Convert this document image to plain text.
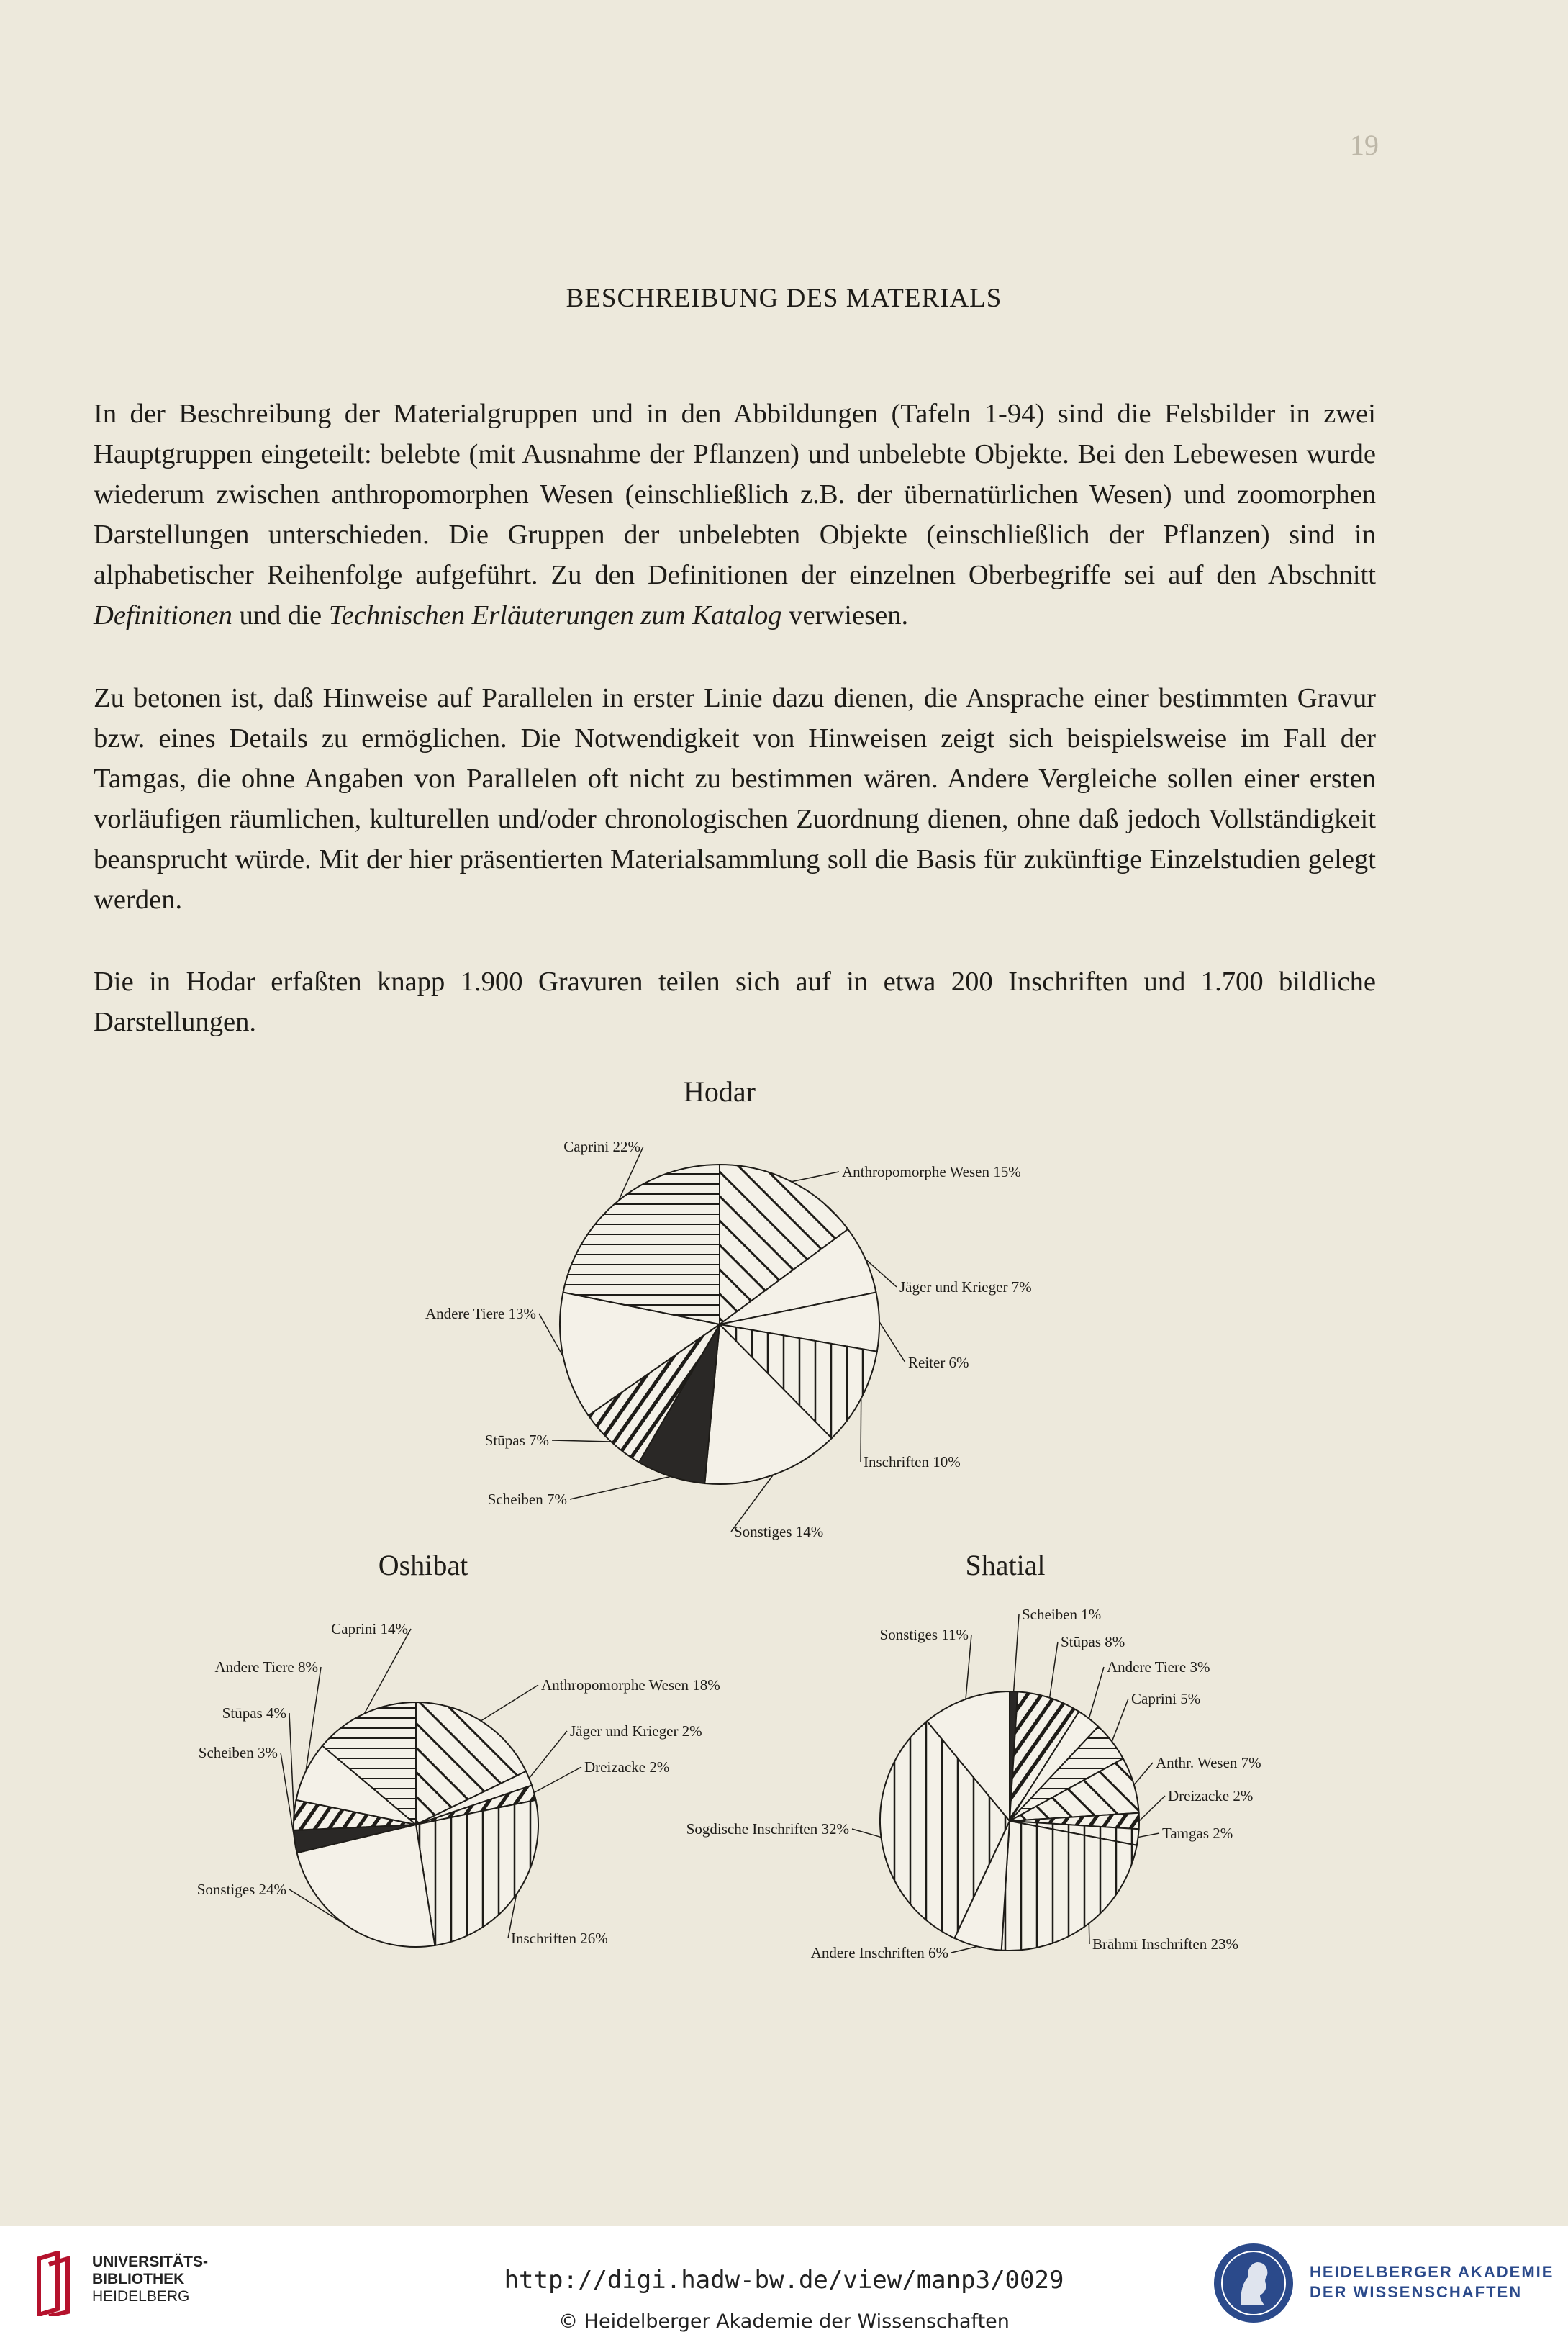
19
BESCHREIBUNG DES MATERIALS

In der Beschreibung der Materialgruppen und in den Abbildungen (Tafeln 1-94) sind die Felsbilder in zwei Hauptgruppen eingeteilt: belebte (mit Ausnahme der Pflanzen) und unbelebte Objekte. Bei den Lebewesen wurde wiederum zwischen anthropomorphen Wesen (einschließlich z.B. der übernatürlichen Wesen) und zoomorphen Darstellungen unterschieden. Die Gruppen der unbelebten Objekte (einschließlich der Pflanzen) sind in alphabetischer Reihenfolge aufgeführt. Zu den Definitionen der einzelnen Oberbegriffe sei auf den Abschnitt Definitionen und die Technischen Erläuterungen zum Katalog verwiesen.

Zu betonen ist, daß Hinweise auf Parallelen in erster Linie dazu dienen, die Ansprache einer bestimmten Gravur bzw. eines Details zu ermöglichen. Die Notwendigkeit von Hinweisen zeigt sich beispielsweise im Fall der Tamgas, die ohne Angaben von Parallelen oft nicht zu bestimmen wären. Andere Vergleiche sollen einer ersten vorläufigen räumlichen, kulturellen und/oder chronologischen Zuordnung dienen, ohne daß jedoch Vollständigkeit beansprucht würde. Mit der hier präsentierten Materialsammlung soll die Basis für zukünftige Einzelstudien gelegt werden.

Die in Hodar erfaßten knapp 1.900 Gravuren teilen sich auf in etwa 200 Inschriften und 1.700 bildliche Darstellungen.

Anthropomorphe Wesen 15%
Jäger und Krieger 7%
Reiter 6%
Inschriften 10%
Sonstiges 14%
Scheiben 7%
Stūpas 7%
Andere Tiere 13%
Caprini 22%
Hodar
Anthropomorphe Wesen 18%
Jäger und Krieger 2%
Dreizacke 2%
Inschriften 26%
Sonstiges 24%
Scheiben 3%
Stūpas 4%
Andere Tiere 8%
Caprini 14%
Oshibat
Scheiben 1%
Stūpas 8%
Andere Tiere 3%
Caprini 5%
Anthr. Wesen 7%
Dreizacke 2%
Tamgas 2%
Brāhmī Inschriften 23%
Andere Inschriften 6%
Sogdische Inschriften 32%
Sonstiges 11%
Shatial
UNIVERSITÄTS-
BIBLIOTHEK
HEIDELBERG
http://digi.hadw-bw.de/view/manp3/0029
© Heidelberger Akademie der Wissenschaften
HEIDELBERGER AKADEMIE
DER WISSENSCHAFTEN
